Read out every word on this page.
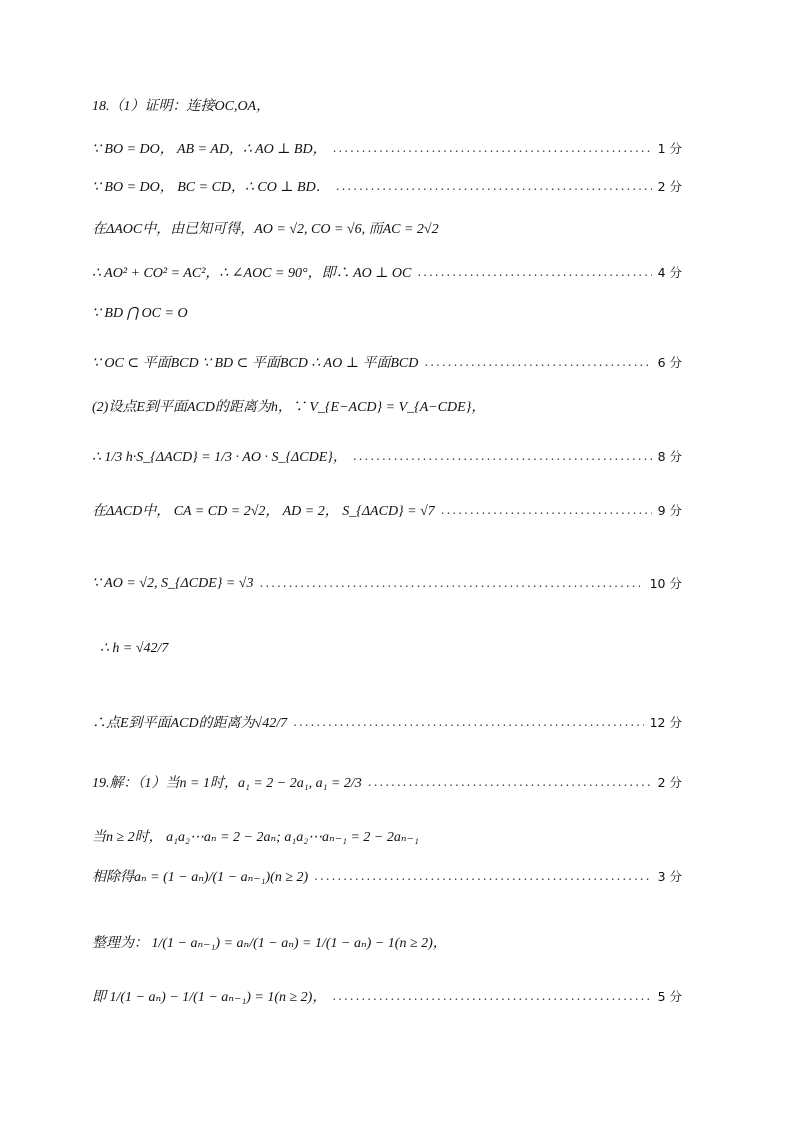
18.（1）证明：连接OC,OA，
∵ BO = DO， AB = AD，∴ AO ⊥ BD， .....	1 分
∵ BO = DO， BC = CD，∴ CO ⊥ BD． .....	2 分
在ΔAOC中，由已知可得，AO = √2, CO = √6, 而AC = 2√2
∴ AO² + CO² = AC²，∴ ∠AOC = 90°，即∴ AO ⊥ OC .....	4 分
∵ BD ⋂ OC = O
∵ OC ⊂ 平面BCD ∵ BD ⊂ 平面BCD ∴ AO ⊥ 平面BCD .....	6 分
(2)设点E到平面ACD的距离为h，∵ V_{E−ACD} = V_{A−CDE}，
∴ 1/3 h·S_{ΔACD} = 1/3 · AO · S_{ΔCDE}， .....	8 分
在ΔACD中， CA = CD = 2√2， AD = 2， S_{ΔACD} = √7 .....	9 分
∵ AO = √2, S_{ΔCDE} = √3 .....	10 分
∴ h = √42/7
∴点E到平面ACD的距离为√42/7 .....	12 分
19.解：（1）当n = 1时，a₁ = 2 − 2a₁, a₁ = 2/3 .....	2 分
当n ≥ 2时， a₁a₂⋯aₙ = 2 − 2aₙ; a₁a₂⋯aₙ₋₁ = 2 − 2aₙ₋₁
相除得aₙ = (1 − aₙ)/(1 − aₙ₋₁)(n ≥ 2) .....	3 分
整理为： 1/(1 − aₙ₋₁) = aₙ/(1 − aₙ) = 1/(1 − aₙ) − 1(n ≥ 2)，
即 1/(1 − aₙ) − 1/(1 − aₙ₋₁) = 1(n ≥ 2)， .....	5 分
